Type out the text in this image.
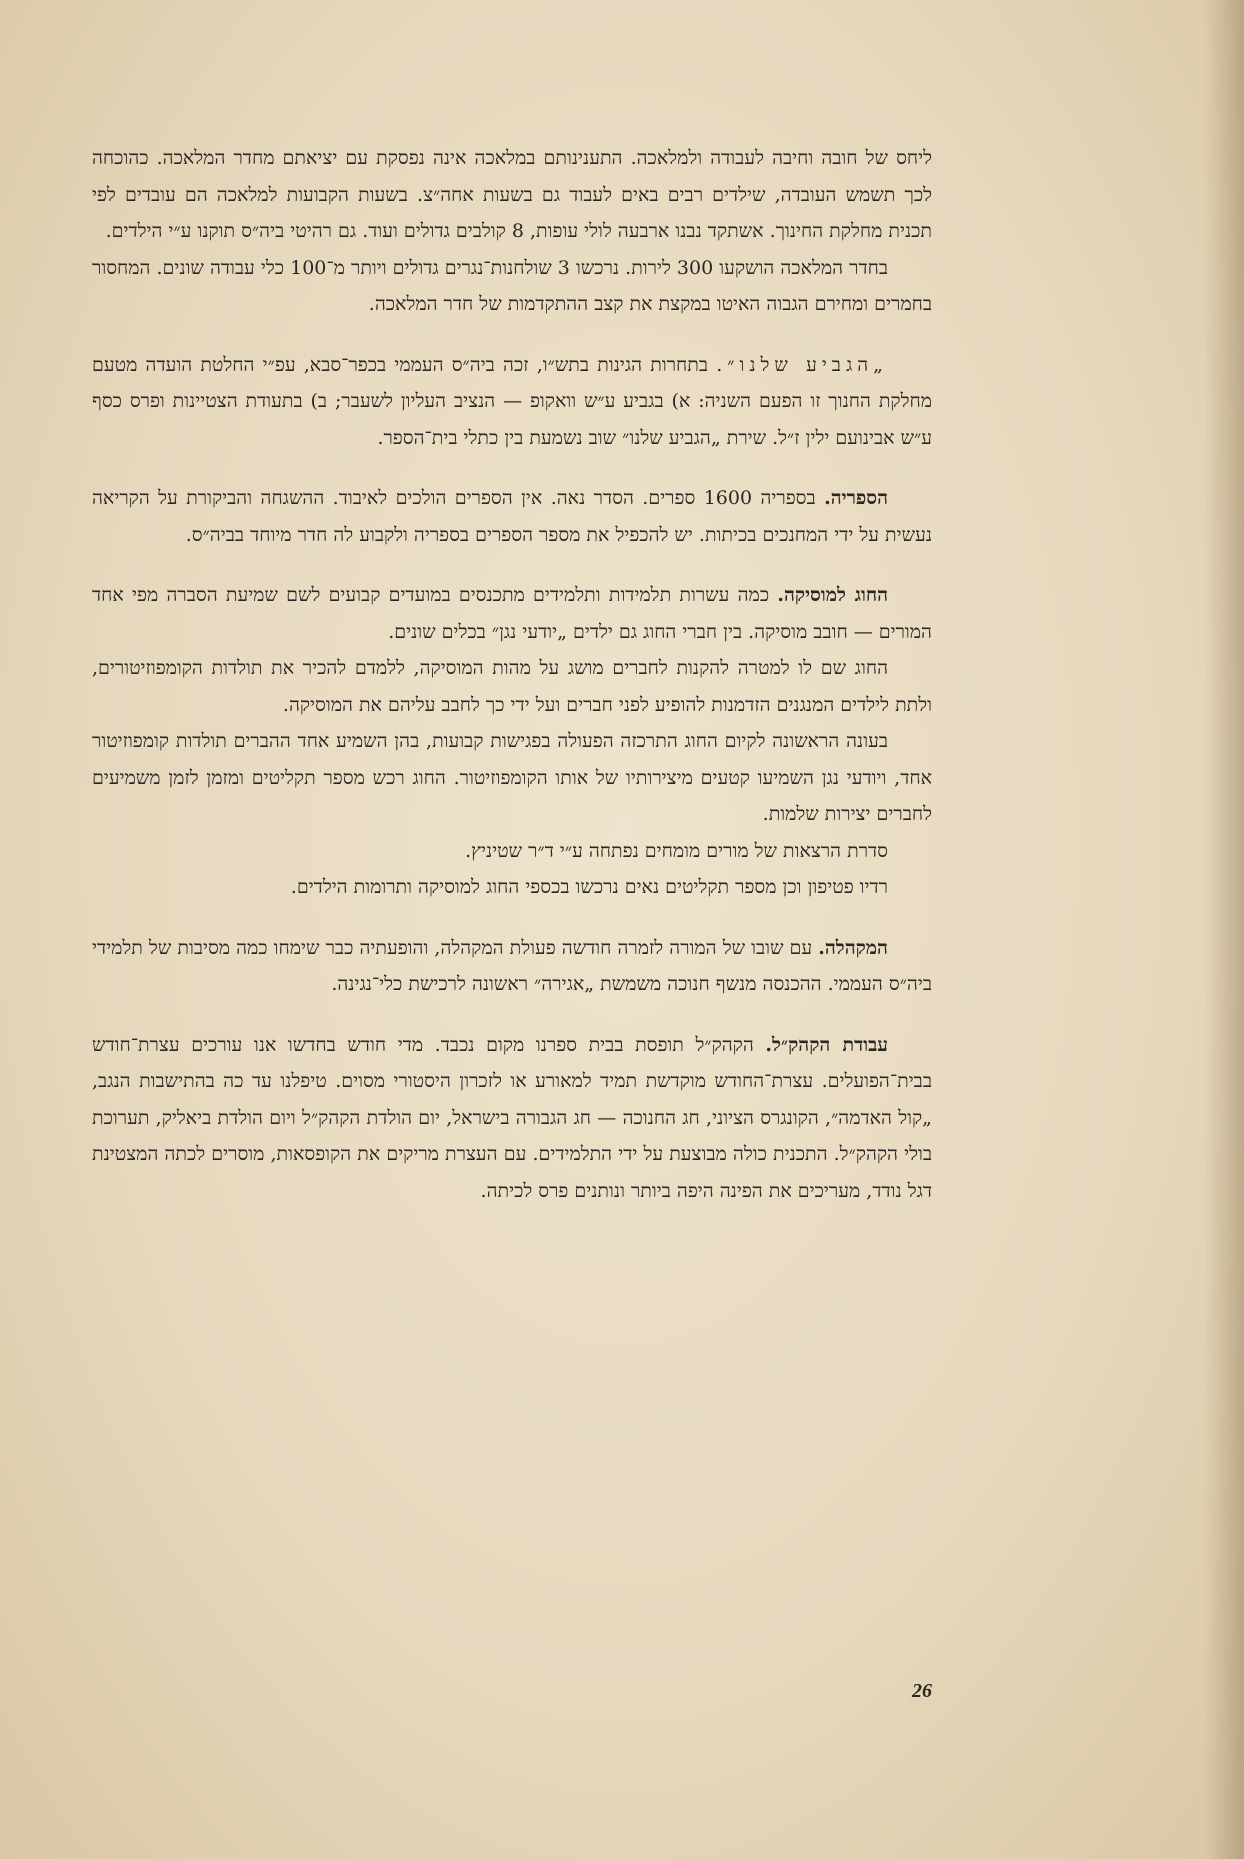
ליחס של חובה וחיבה לעבודה ולמלאכה. התענינותם במלאכה אינה נפסקת עם יציאתם מחדר המלאכה. כהוכחה לכך תשמש העובדה, שילדים רבים באים לעבוד גם בשעות אחה״צ. בשעות הקבועות למלאכה הם עובדים לפי תכנית מחלקת החינוך. אשתקד נבנו ארבעה לולי עופות, 8 קולבים גדולים ועוד. גם רהיטי ביה״ס תוקנו ע״י הילדים.

בחדר המלאכה הושקעו 300 לירות. נרכשו 3 שולחנות־נגרים גדולים ויותר מ־100 כלי עבודה שונים. המחסור בחמרים ומחירם הגבוה האיטו במקצת את קצב ההתקדמות של חדר המלאכה.

„הגביע שלנו״. בתחרות הגינות בתש״ו, זכה ביה״ס העממי בכפר־סבא, עפ״י החלטת הועדה מטעם מחלקת החנוך זו הפעם השניה: א) בגביע ע״ש וואקופ — הנציב העליון לשעבר; ב) בתעודת הצטיינות ופרס כסף ע״ש אבינועם ילין ז״ל. שירת „הגביע שלנו״ שוב נשמעת בין כתלי בית־הספר.

הספריה. בספריה 1600 ספרים. הסדר נאה. אין הספרים הולכים לאיבוד. ההשגחה והביקורת על הקריאה נעשית על ידי המחנכים בכיתות. יש להכפיל את מספר הספרים בספריה ולקבוע לה חדר מיוחד בביה״ס.

החוג למוסיקה. כמה עשרות תלמידות ותלמידים מתכנסים במועדים קבועים לשם שמיעת הסברה מפי אחד המורים — חובב מוסיקה. בין חברי החוג גם ילדים „יודעי נגן״ בכלים שונים.

החוג שם לו למטרה להקנות לחברים מושג על מהות המוסיקה, ללמדם להכיר את תולדות הקומפוזיטורים, ולתת לילדים המנגנים הזדמנות להופיע לפני חברים ועל ידי כך לחבב עליהם את המוסיקה.

בעונה הראשונה לקיום החוג התרכזה הפעולה בפגישות קבועות, בהן השמיע אחד ההברים תולדות קומפוזיטור אחד, ויודעי נגן השמיעו קטעים מיצירותיו של אותו הקומפוזיטור. החוג רכש מספר תקליטים ומזמן לזמן משמיעים לחברים יצירות שלמות.

סדרת הרצאות של מורים מומחים נפתחה ע״י ד״ר שטיניץ.

רדיו פטיפון וכן מספר תקליטים נאים נרכשו בכספי החוג למוסיקה ותרומות הילדים.

המקהלה. עם שובו של המורה לזמרה חודשה פעולת המקהלה, והופעתיה כבר שימחו כמה מסיבות של תלמידי ביה״ס העממי. ההכנסה מנשף חנוכה משמשת „אגירה״ ראשונה לרכישת כלי־נגינה.

עבודת הקהק״ל. הקהק״ל תופסת בבית ספרנו מקום נכבד. מדי חודש בחדשו אנו עורכים עצרת־חודש בבית־הפועלים. עצרת־החודש מוקדשת תמיד למאורע או לזכרון היסטורי מסוים. טיפלנו עד כה בהתישבות הנגב, „קול האדמה״, הקונגרס הציוני, חג החנוכה — חג הגבורה בישראל, יום הולדת הקהק״ל ויום הולדת ביאליק, תערוכת בולי הקהק״ל. התכנית כולה מבוצעת על ידי התלמידים. עם העצרת מריקים את הקופסאות, מוסרים לכתה המצטינת דגל נודד, מעריכים את הפינה היפה ביותר ונותנים פרס לכיתה.

26
